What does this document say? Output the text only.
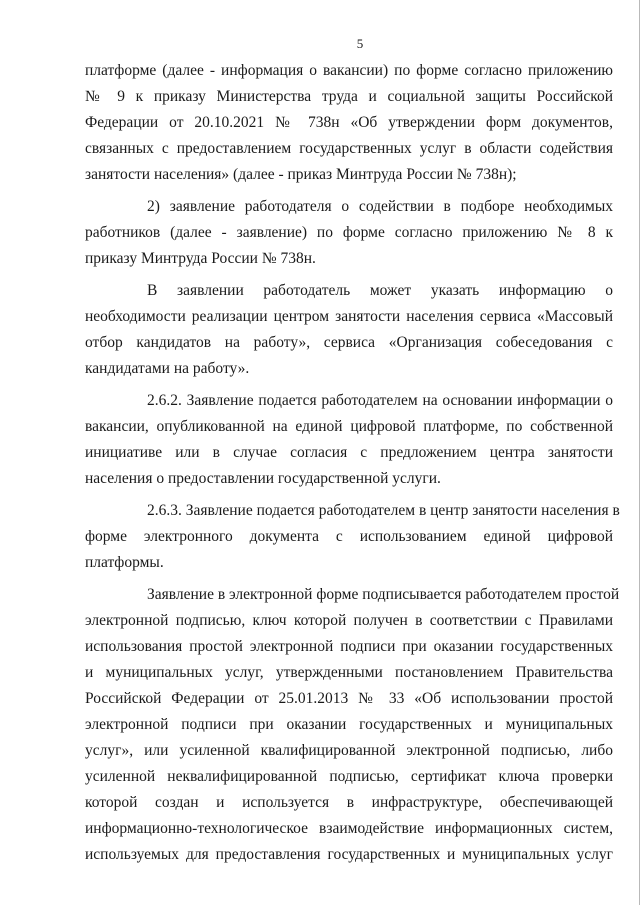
5
платформе (далее - информация о вакансии) по форме согласно приложению
№ 9 к приказу Министерства труда и социальной защиты Российской
Федерации от 20.10.2021 № 738н «Об утверждении форм документов,
связанных с предоставлением государственных услуг в области содействия
занятости населения» (далее - приказ Минтруда России № 738н);
2) заявление работодателя о содействии в подборе необходимых
работников (далее - заявление) по форме согласно приложению № 8 к
приказу Минтруда России № 738н.
В заявлении работодатель может указать информацию о
необходимости реализации центром занятости населения сервиса «Массовый
отбор кандидатов на работу», сервиса «Организация собеседования с
кандидатами на работу».
2.6.2. Заявление подается работодателем на основании информации о
вакансии, опубликованной на единой цифровой платформе, по собственной
инициативе или в случае согласия с предложением центра занятости
населения о предоставлении государственной услуги.
2.6.3. Заявление подается работодателем в центр занятости населения в
форме электронного документа с использованием единой цифровой
платформы.
Заявление в электронной форме подписывается работодателем простой
электронной подписью, ключ которой получен в соответствии с Правилами
использования простой электронной подписи при оказании государственных
и муниципальных услуг, утвержденными постановлением Правительства
Российской Федерации от 25.01.2013 № 33 «Об использовании простой
электронной подписи при оказании государственных и муниципальных
услуг», или усиленной квалифицированной электронной подписью, либо
усиленной неквалифицированной подписью, сертификат ключа проверки
которой создан и используется в инфраструктуре, обеспечивающей
информационно-технологическое взаимодействие информационных систем,
используемых для предоставления государственных и муниципальных услуг
